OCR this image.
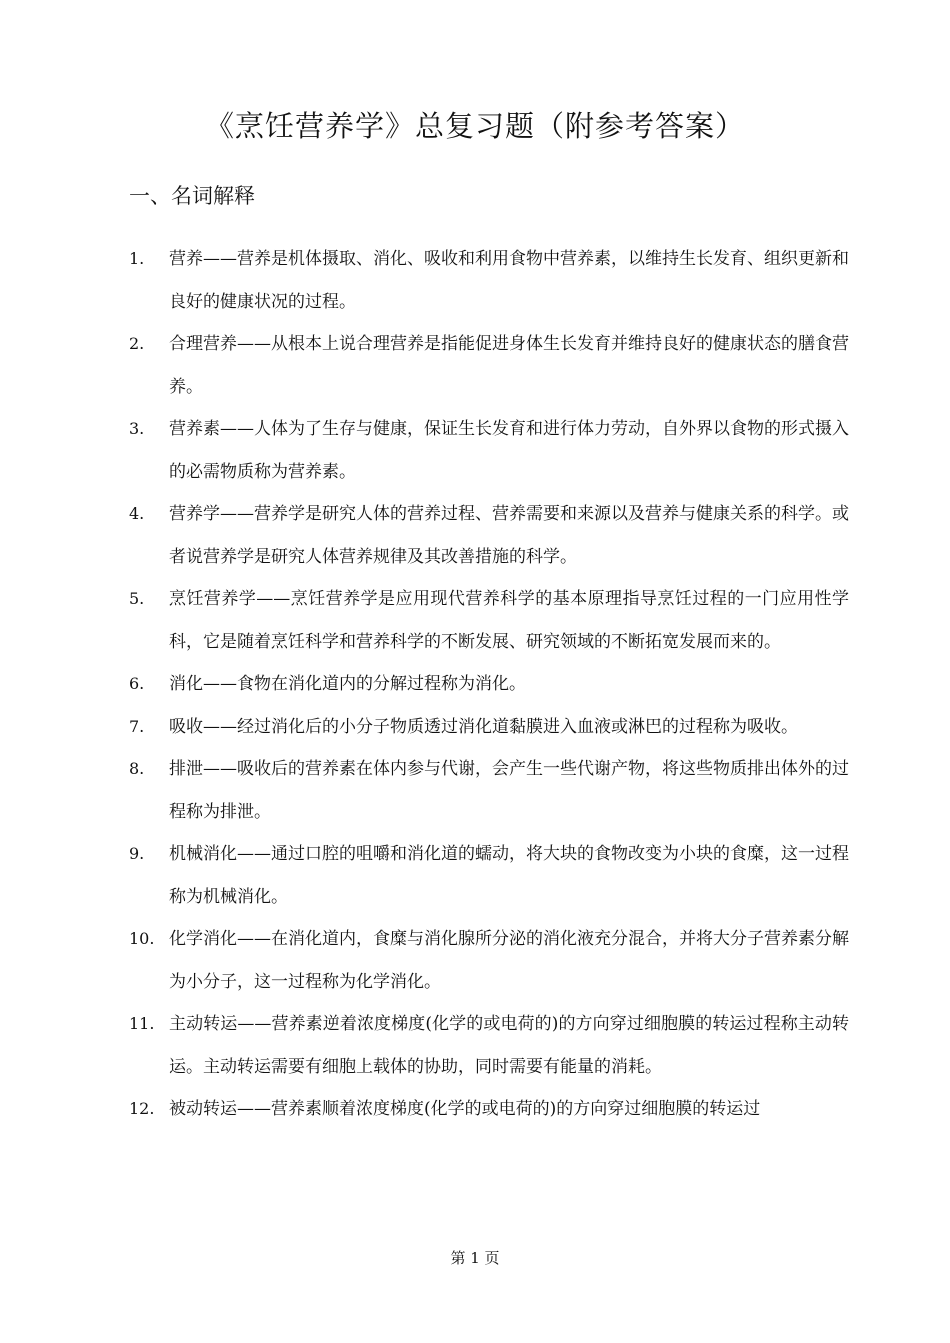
《烹饪营养学》总复习题（附参考答案）
一、名词解释
1.	营养——营养是机体摄取、消化、吸收和利用食物中营养素，以维持生长发育、组织更新和良好的健康状况的过程。
2.	合理营养——从根本上说合理营养是指能促进身体生长发育并维持良好的健康状态的膳食营养。
3.	营养素——人体为了生存与健康，保证生长发育和进行体力劳动，自外界以食物的形式摄入的必需物质称为营养素。
4.	营养学——营养学是研究人体的营养过程、营养需要和来源以及营养与健康关系的科学。或者说营养学是研究人体营养规律及其改善措施的科学。
5.	烹饪营养学——烹饪营养学是应用现代营养科学的基本原理指导烹饪过程的一门应用性学科，它是随着烹饪科学和营养科学的不断发展、研究领域的不断拓宽发展而来的。
6.	消化——食物在消化道内的分解过程称为消化。
7.	吸收——经过消化后的小分子物质透过消化道黏膜进入血液或淋巴的过程称为吸收。
8.	排泄——吸收后的营养素在体内参与代谢，会产生一些代谢产物，将这些物质排出体外的过程称为排泄。
9.	机械消化——通过口腔的咀嚼和消化道的蠕动，将大块的食物改变为小块的食糜，这一过程称为机械消化。
10. 化学消化——在消化道内，食糜与消化腺所分泌的消化液充分混合，并将大分子营养素分解为小分子，这一过程称为化学消化。
11. 主动转运——营养素逆着浓度梯度(化学的或电荷的)的方向穿过细胞膜的转运过程称主动转运。主动转运需要有细胞上载体的协助，同时需要有能量的消耗。
12. 被动转运——营养素顺着浓度梯度(化学的或电荷的)的方向穿过细胞膜的转运过
第 1 页
